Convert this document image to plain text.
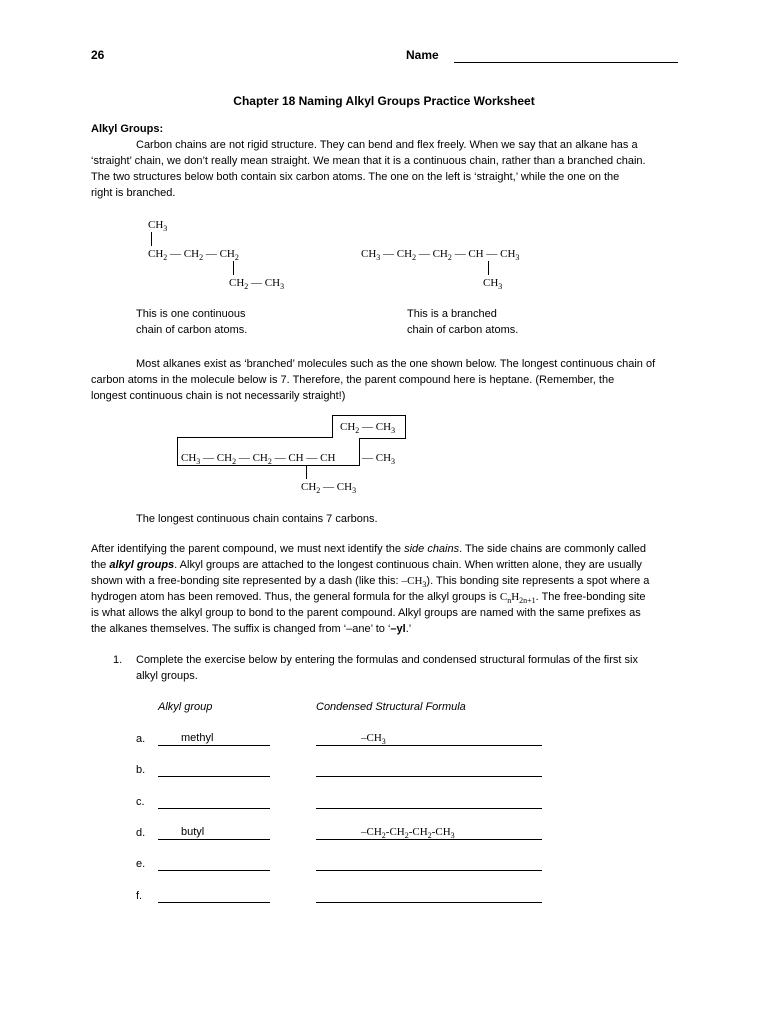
26	Name
Chapter 18 Naming Alkyl Groups Practice Worksheet
Alkyl Groups:
Carbon chains are not rigid structure. They can bend and flex freely. When we say that an alkane has a
‘straight’ chain, we don’t really mean straight. We mean that it is a continuous chain, rather than a branched chain.
The two structures below both contain six carbon atoms. The one on the left is ‘straight,’ while the one on the
right is branched.
$CH_3$
$CH_2$ — $CH_2$ — $CH_2$
$CH_2$ — $CH_3$
This is one continuous
chain of carbon atoms.
$CH_3$ — $CH_2$ — $CH_2$ — CH — $CH_3$
$CH_3$
This is a branched
chain of carbon atoms.
Most alkanes exist as ‘branched’ molecules such as the one shown below. The longest continuous chain of
carbon atoms in the molecule below is 7. Therefore, the parent compound here is heptane. (Remember, the
longest continuous chain is not necessarily straight!)
$CH_2$ — $CH_3$
$CH_3$ — $CH_2$ — $CH_2$ — CH — CH — $CH_3$
$CH_2$ — $CH_3$
The longest continuous chain contains 7 carbons.
After identifying the parent compound, we must next identify the side chains. The side chains are commonly called
the alkyl groups. Alkyl groups are attached to the longest continuous chain. When written alone, they are usually
shown with a free-bonding site represented by a dash (like this: $-CH_3$). This bonding site represents a spot where a
hydrogen atom has been removed. Thus, the general formula for the alkyl groups is $C_nH_{2n+1}$. The free-bonding site
is what allows the alkyl group to bond to the parent compound. Alkyl groups are named with the same prefixes as
the alkanes themselves. The suffix is changed from ‘–ane’ to ‘–yl.’
1. Complete the exercise below by entering the formulas and condensed structural formulas of the first six
alkyl groups.
Alkyl group	Condensed Structural Formula
a.	methyl	$-CH_3$
b.
c.
d.	butyl	$-CH_2-CH_2-CH_2-CH_3$
e.
f.
